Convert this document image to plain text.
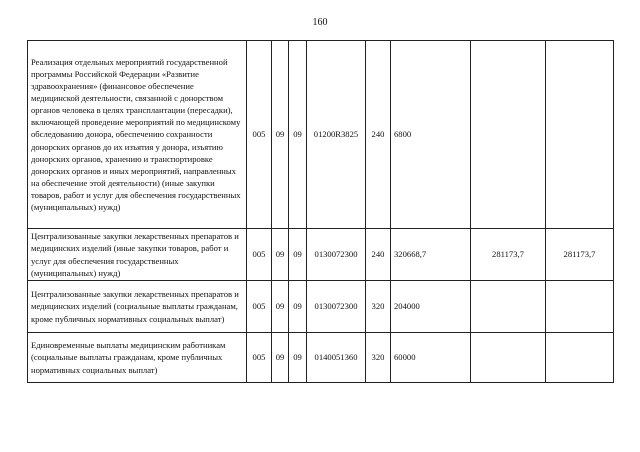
160
Реализация отдельных мероприятий государственной программы Российской Федерации «Развитие здравоохранения» (финансовое обеспечение медицинской деятельности, связанной с донорством органов человека в целях трансплантации (пересадки), включающей проведение мероприятий по медицинскому обследованию донора, обеспечению сохранности донорских органов до их изъятия у донора, изъятию донорских органов, хранению и транспортировке донорских органов и иных мероприятий, направленных на обеспечение этой деятельности) (иные закупки товаров, работ и услуг для обеспечения государственных (муниципальных) нужд)	005	09	09	01200R3825	240	6800		
Централизованные закупки лекарственных препаратов и медицинских изделий (иные закупки товаров, работ и услуг для обеспечения государственных (муниципальных) нужд)	005	09	09	0130072300	240	320668,7	281173,7	281173,7
Централизованные закупки лекарственных препаратов и медицинских изделий (социальные выплаты гражданам, кроме публичных нормативных социальных выплат)	005	09	09	0130072300	320	204000		
Единовременные выплаты медицинским работникам (социальные выплаты гражданам, кроме публичных нормативных социальных выплат)	005	09	09	0140051360	320	60000		
